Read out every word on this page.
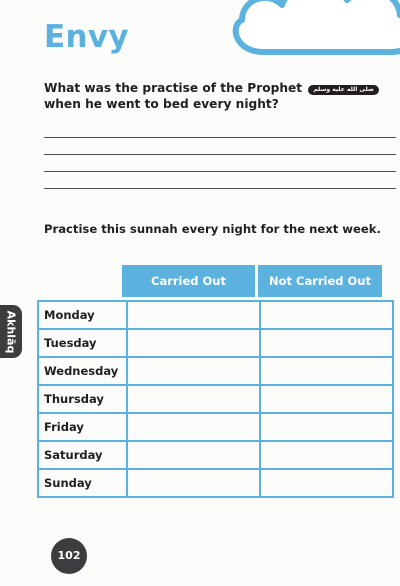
Envy
What was the practise of the Prophet صلى الله عليه وسلم when he went to bed every night?
Practise this sunnah every night for the next week.
Akhlāq
Carried Out	Not Carried Out
Monday		
Tuesday		
Wednesday		
Thursday		
Friday		
Saturday		
Sunday		
102
